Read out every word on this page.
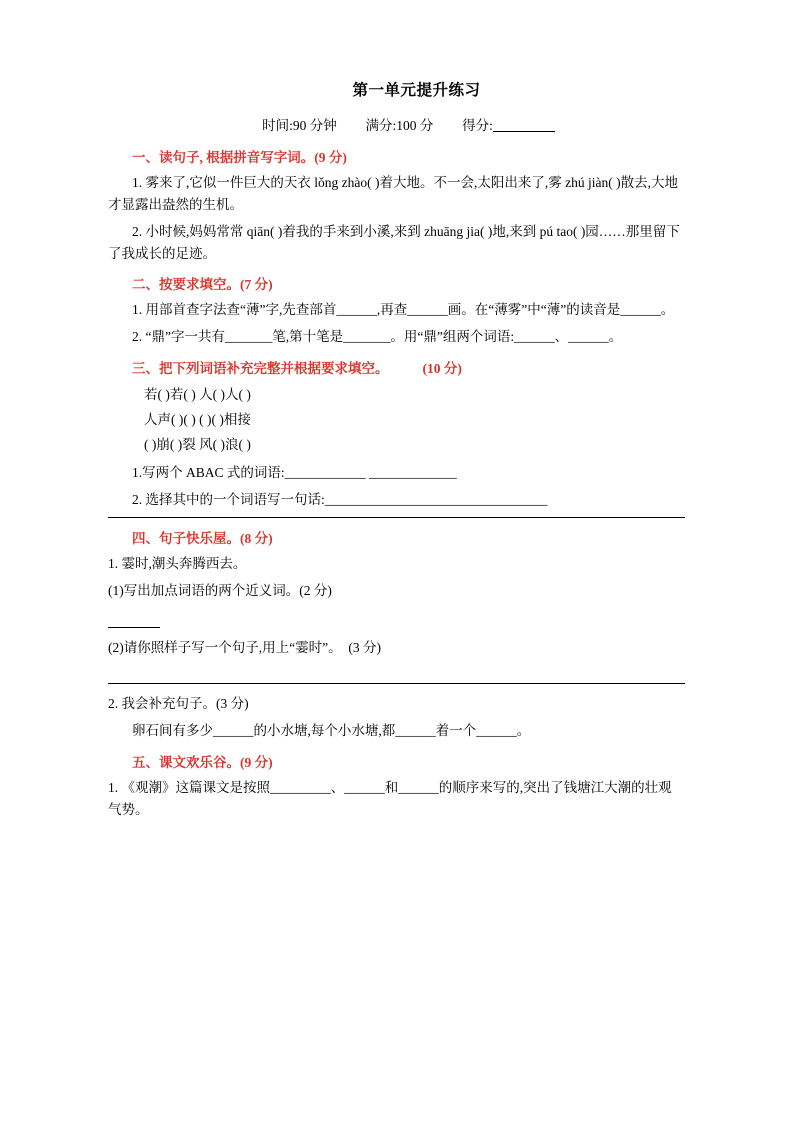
第一单元提升练习
时间:90 分钟 满分:100 分 得分:
一、读句子, 根据拼音写字词。(9 分)

1. 雾来了,它似一件巨大的天衣 lǒng zhào( )着大地。不一会,太阳出来了,雾 zhú jiàn( )散去,大地才显露出盎然的生机。

2. 小时候,妈妈常常 qiān( )着我的手来到小溪,来到 zhuāng jia( )地,来到 pú tao( )园……那里留下了我成长的足迹。

二、按要求填空。(7 分)

1. 用部首查字法查“薄”字,先查部首______,再查______画。在“薄雾”中“薄”的读音是______。

2. “鼎”字一共有_______笔,第十笔是_______。用“鼎”组两个词语:______、______。

三、把下列词语补充完整并根据要求填空。	(10 分)

若( )若( ) 人( )人( )

人声( )( ) ( )( )相接

( )崩( )裂 风( )浪( )

1.写两个 ABAC 式的词语:____________ _____________

2. 选择其中的一个词语写一句话:_________________________________

四、句子快乐屋。(8 分)

1. 霎时,潮头奔腾西去。

(1)写出加点词语的两个近义词。(2 分)

(2)请你照样子写一个句子,用上“霎时”。　(3 分)

2. 我会补充句子。(3 分)

卵石间有多少______的小水塘,每个小水塘,都______着一个______。

五、课文欢乐谷。(9 分)

1. 《观潮》这篇课文是按照_________、______和______的顺序来写的,突出了钱塘江大潮的壮观气势。
